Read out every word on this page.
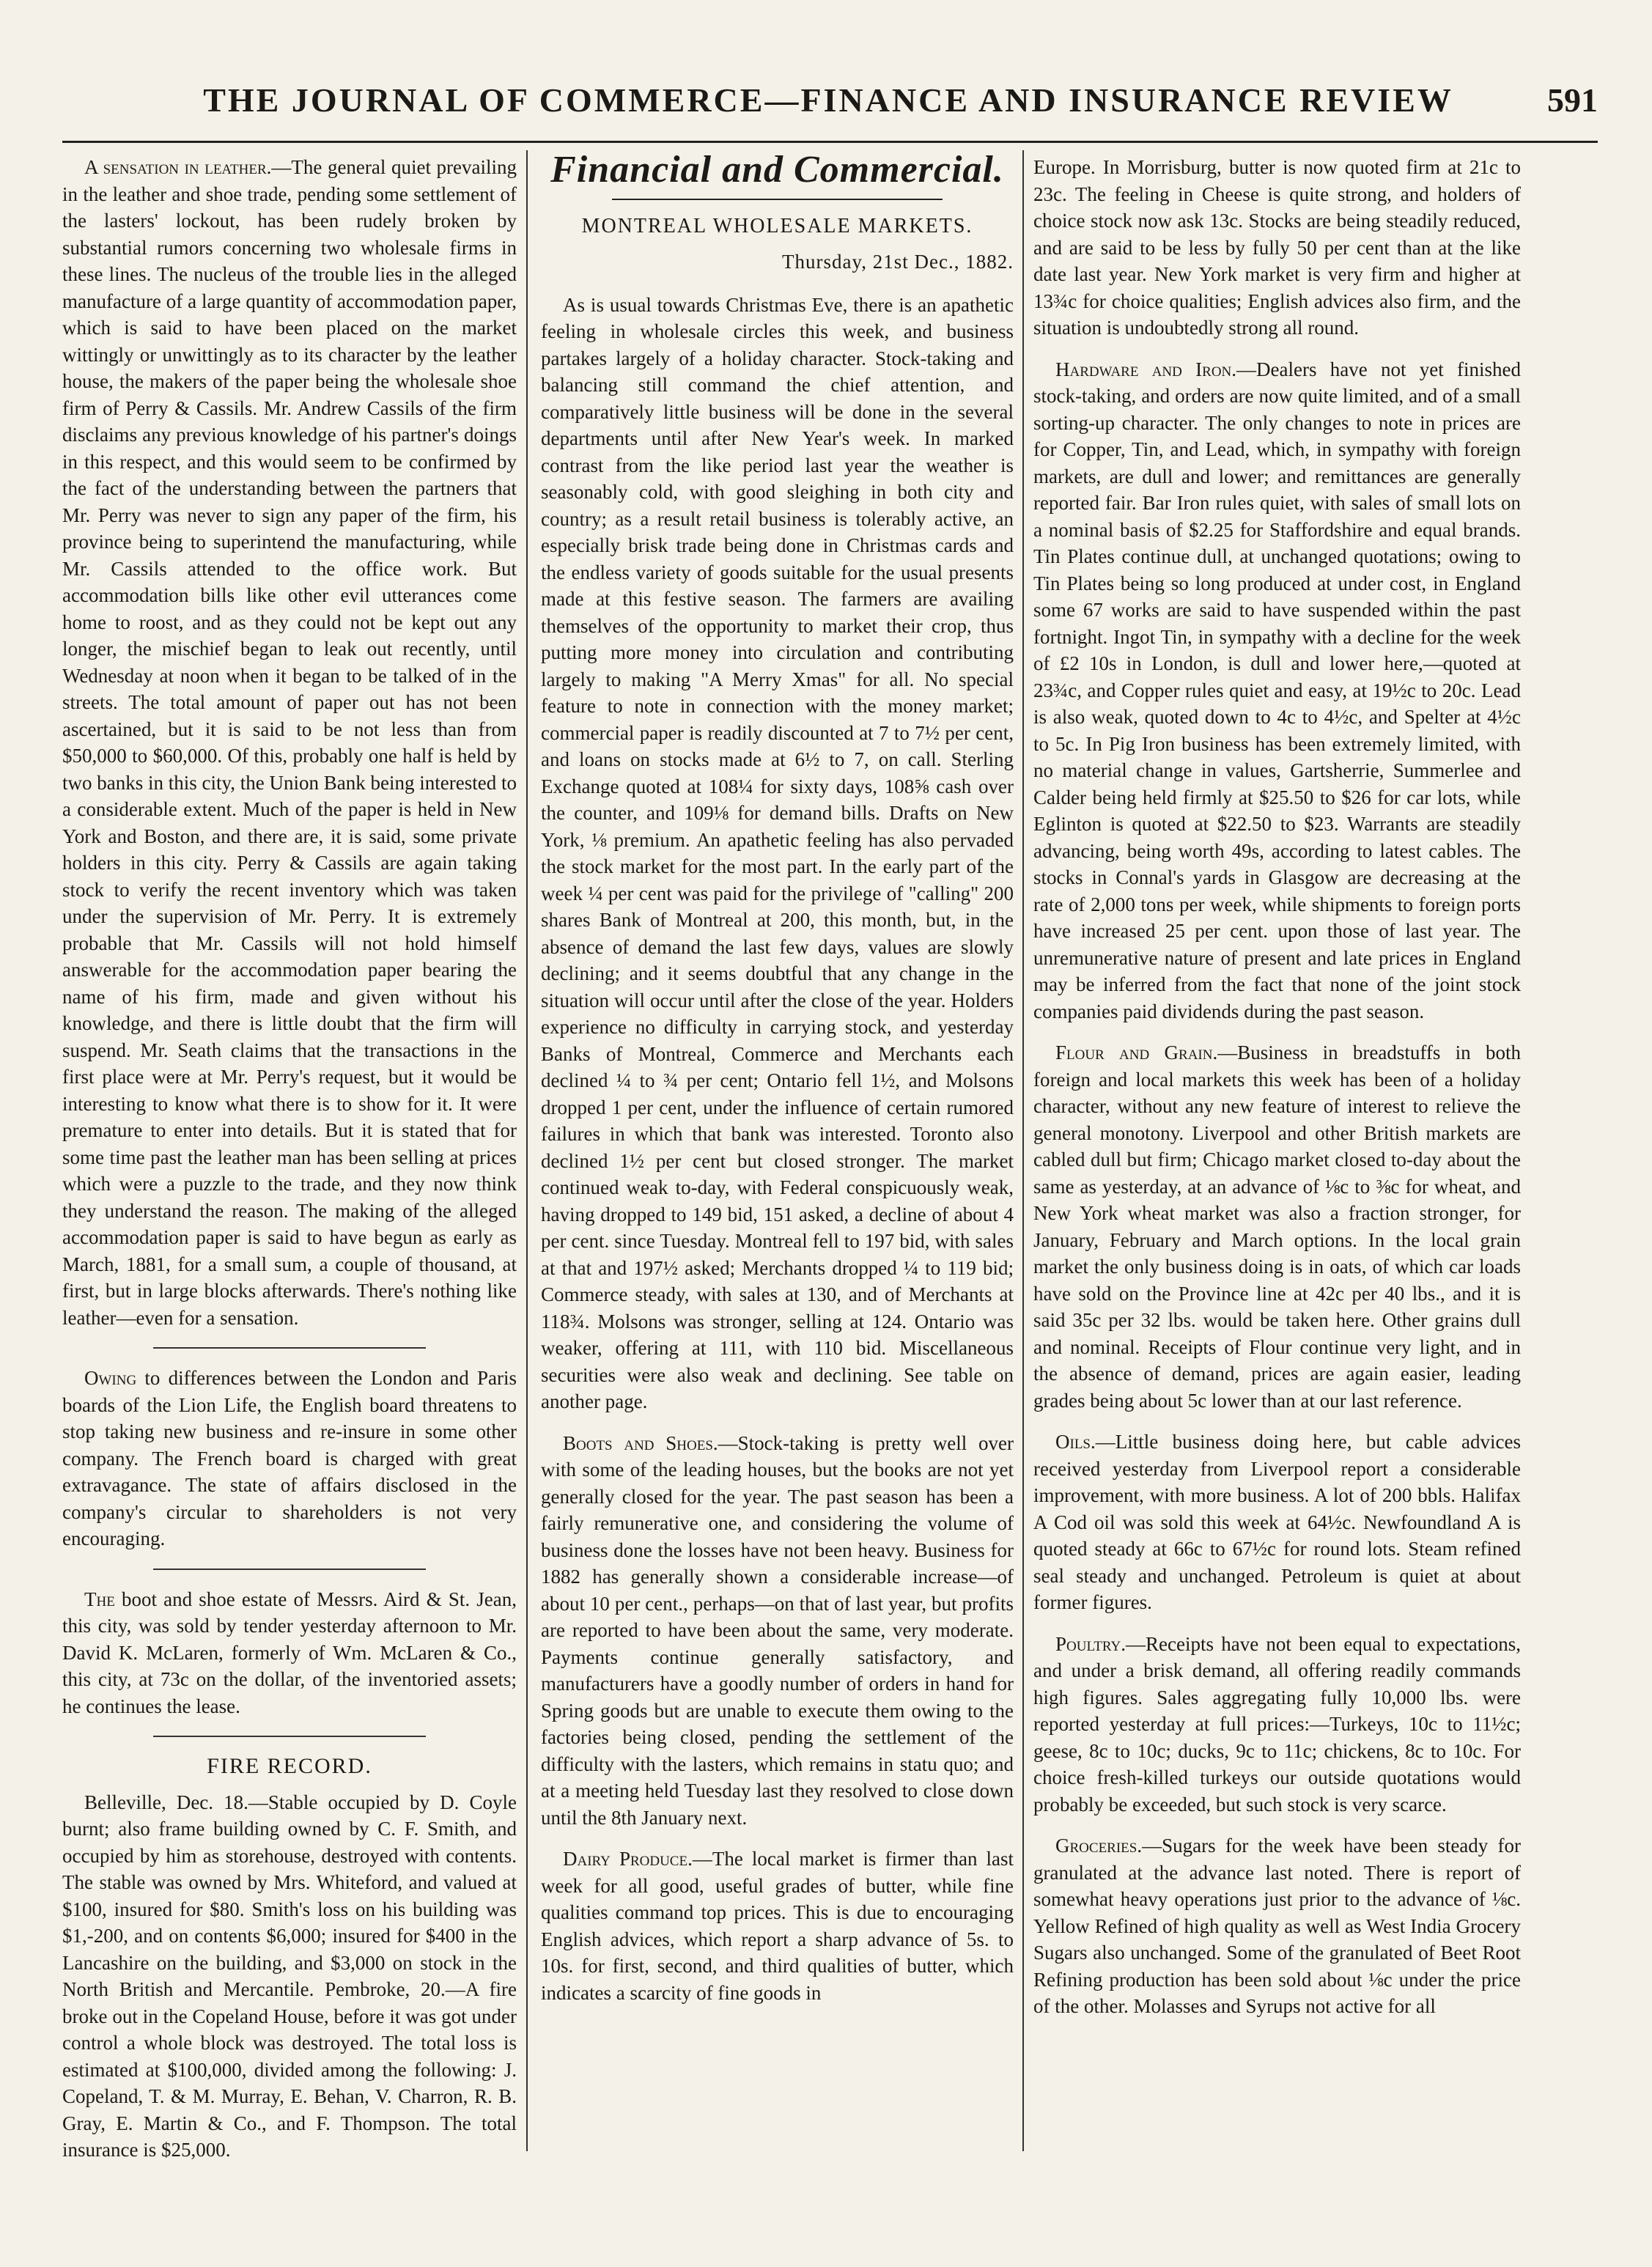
THE JOURNAL OF COMMERCE—FINANCE AND INSURANCE REVIEW	591

A sensation in leather.—The general quiet prevailing in the leather and shoe trade, pending some settlement of the lasters' lockout, has been rudely broken by substantial rumors concerning two wholesale firms in these lines. The nucleus of the trouble lies in the alleged manufacture of a large quantity of accommodation paper, which is said to have been placed on the market wittingly or unwittingly as to its character by the leather house, the makers of the paper being the wholesale shoe firm of Perry & Cassils. Mr. Andrew Cassils of the firm disclaims any previous knowledge of his partner's doings in this respect, and this would seem to be confirmed by the fact of the understanding between the partners that Mr. Perry was never to sign any paper of the firm, his province being to superintend the manufacturing, while Mr. Cassils attended to the office work. But accommodation bills like other evil utterances come home to roost, and as they could not be kept out any longer, the mischief began to leak out recently, until Wednesday at noon when it began to be talked of in the streets. The total amount of paper out has not been ascertained, but it is said to be not less than from $50,000 to $60,000. Of this, probably one half is held by two banks in this city, the Union Bank being interested to a considerable extent. Much of the paper is held in New York and Boston, and there are, it is said, some private holders in this city. Perry & Cassils are again taking stock to verify the recent inventory which was taken under the supervision of Mr. Perry. It is extremely probable that Mr. Cassils will not hold himself answerable for the accommodation paper bearing the name of his firm, made and given without his knowledge, and there is little doubt that the firm will suspend. Mr. Seath claims that the transactions in the first place were at Mr. Perry's request, but it would be interesting to know what there is to show for it. It were premature to enter into details. But it is stated that for some time past the leather man has been selling at prices which were a puzzle to the trade, and they now think they understand the reason. The making of the alleged accommodation paper is said to have begun as early as March, 1881, for a small sum, a couple of thousand, at first, but in large blocks afterwards. There's nothing like leather—even for a sensation.

Owing to differences between the London and Paris boards of the Lion Life, the English board threatens to stop taking new business and re-insure in some other company. The French board is charged with great extravagance. The state of affairs disclosed in the company's circular to shareholders is not very encouraging.

The boot and shoe estate of Messrs. Aird & St. Jean, this city, was sold by tender yesterday afternoon to Mr. David K. McLaren, formerly of Wm. McLaren & Co., this city, at 73c on the dollar, of the inventoried assets; he continues the lease.

FIRE RECORD.

Belleville, Dec. 18.—Stable occupied by D. Coyle burnt; also frame building owned by C. F. Smith, and occupied by him as storehouse, destroyed with contents. The stable was owned by Mrs. Whiteford, and valued at $100, insured for $80. Smith's loss on his building was $1,-200, and on contents $6,000; insured for $400 in the Lancashire on the building, and $3,000 on stock in the North British and Mercantile. Pembroke, 20.—A fire broke out in the Copeland House, before it was got under control a whole block was destroyed. The total loss is estimated at $100,000, divided among the following: J. Copeland, T. & M. Murray, E. Behan, V. Charron, R. B. Gray, E. Martin & Co., and F. Thompson. The total insurance is $25,000.

Financial and Commercial.
MONTREAL WHOLESALE MARKETS.
Thursday, 21st Dec., 1882.

As is usual towards Christmas Eve, there is an apathetic feeling in wholesale circles this week, and business partakes largely of a holiday character. Stock-taking and balancing still command the chief attention, and comparatively little business will be done in the several departments until after New Year's week. In marked contrast from the like period last year the weather is seasonably cold, with good sleighing in both city and country; as a result retail business is tolerably active, an especially brisk trade being done in Christmas cards and the endless variety of goods suitable for the usual presents made at this festive season. The farmers are availing themselves of the opportunity to market their crop, thus putting more money into circulation and contributing largely to making "A Merry Xmas" for all. No special feature to note in connection with the money market; commercial paper is readily discounted at 7 to 7½ per cent, and loans on stocks made at 6½ to 7, on call. Sterling Exchange quoted at 108¼ for sixty days, 108⅝ cash over the counter, and 109⅛ for demand bills. Drafts on New York, ⅛ premium. An apathetic feeling has also pervaded the stock market for the most part. In the early part of the week ¼ per cent was paid for the privilege of "calling" 200 shares Bank of Montreal at 200, this month, but, in the absence of demand the last few days, values are slowly declining; and it seems doubtful that any change in the situation will occur until after the close of the year. Holders experience no difficulty in carrying stock, and yesterday Banks of Montreal, Commerce and Merchants each declined ¼ to ¾ per cent; Ontario fell 1½, and Molsons dropped 1 per cent, under the influence of certain rumored failures in which that bank was interested. Toronto also declined 1½ per cent but closed stronger. The market continued weak to-day, with Federal conspicuously weak, having dropped to 149 bid, 151 asked, a decline of about 4 per cent. since Tuesday. Montreal fell to 197 bid, with sales at that and 197½ asked; Merchants dropped ¼ to 119 bid; Commerce steady, with sales at 130, and of Merchants at 118¾. Molsons was stronger, selling at 124. Ontario was weaker, offering at 111, with 110 bid. Miscellaneous securities were also weak and declining. See table on another page.

Boots and Shoes.—Stock-taking is pretty well over with some of the leading houses, but the books are not yet generally closed for the year. The past season has been a fairly remunerative one, and considering the volume of business done the losses have not been heavy. Business for 1882 has generally shown a considerable increase—of about 10 per cent., perhaps—on that of last year, but profits are reported to have been about the same, very moderate. Payments continue generally satisfactory, and manufacturers have a goodly number of orders in hand for Spring goods but are unable to execute them owing to the factories being closed, pending the settlement of the difficulty with the lasters, which remains in statu quo; and at a meeting held Tuesday last they resolved to close down until the 8th January next.

Dairy Produce.—The local market is firmer than last week for all good, useful grades of butter, while fine qualities command top prices. This is due to encouraging English advices, which report a sharp advance of 5s. to 10s. for first, second, and third qualities of butter, which indicates a scarcity of fine goods in

Europe. In Morrisburg, butter is now quoted firm at 21c to 23c. The feeling in Cheese is quite strong, and holders of choice stock now ask 13c. Stocks are being steadily reduced, and are said to be less by fully 50 per cent than at the like date last year. New York market is very firm and higher at 13¾c for choice qualities; English advices also firm, and the situation is undoubtedly strong all round.

Hardware and Iron.—Dealers have not yet finished stock-taking, and orders are now quite limited, and of a small sorting-up character. The only changes to note in prices are for Copper, Tin, and Lead, which, in sympathy with foreign markets, are dull and lower; and remittances are generally reported fair. Bar Iron rules quiet, with sales of small lots on a nominal basis of $2.25 for Staffordshire and equal brands. Tin Plates continue dull, at unchanged quotations; owing to Tin Plates being so long produced at under cost, in England some 67 works are said to have suspended within the past fortnight. Ingot Tin, in sympathy with a decline for the week of £2 10s in London, is dull and lower here,—quoted at 23¾c, and Copper rules quiet and easy, at 19½c to 20c. Lead is also weak, quoted down to 4c to 4½c, and Spelter at 4½c to 5c. In Pig Iron business has been extremely limited, with no material change in values, Gartsherrie, Summerlee and Calder being held firmly at $25.50 to $26 for car lots, while Eglinton is quoted at $22.50 to $23. Warrants are steadily advancing, being worth 49s, according to latest cables. The stocks in Connal's yards in Glasgow are decreasing at the rate of 2,000 tons per week, while shipments to foreign ports have increased 25 per cent. upon those of last year. The unremunerative nature of present and late prices in England may be inferred from the fact that none of the joint stock companies paid dividends during the past season.

Flour and Grain.—Business in breadstuffs in both foreign and local markets this week has been of a holiday character, without any new feature of interest to relieve the general monotony. Liverpool and other British markets are cabled dull but firm; Chicago market closed to-day about the same as yesterday, at an advance of ⅛c to ⅜c for wheat, and New York wheat market was also a fraction stronger, for January, February and March options. In the local grain market the only business doing is in oats, of which car loads have sold on the Province line at 42c per 40 lbs., and it is said 35c per 32 lbs. would be taken here. Other grains dull and nominal. Receipts of Flour continue very light, and in the absence of demand, prices are again easier, leading grades being about 5c lower than at our last reference.

Oils.—Little business doing here, but cable advices received yesterday from Liverpool report a considerable improvement, with more business. A lot of 200 bbls. Halifax A Cod oil was sold this week at 64½c. Newfoundland A is quoted steady at 66c to 67½c for round lots. Steam refined seal steady and unchanged. Petroleum is quiet at about former figures.

Poultry.—Receipts have not been equal to expectations, and under a brisk demand, all offering readily commands high figures. Sales aggregating fully 10,000 lbs. were reported yesterday at full prices:—Turkeys, 10c to 11½c; geese, 8c to 10c; ducks, 9c to 11c; chickens, 8c to 10c. For choice fresh-killed turkeys our outside quotations would probably be exceeded, but such stock is very scarce.

Groceries.—Sugars for the week have been steady for granulated at the advance last noted. There is report of somewhat heavy operations just prior to the advance of ⅛c. Yellow Refined of high quality as well as West India Grocery Sugars also unchanged. Some of the granulated of Beet Root Refining production has been sold about ⅛c under the price of the other. Molasses and Syrups not active for all
